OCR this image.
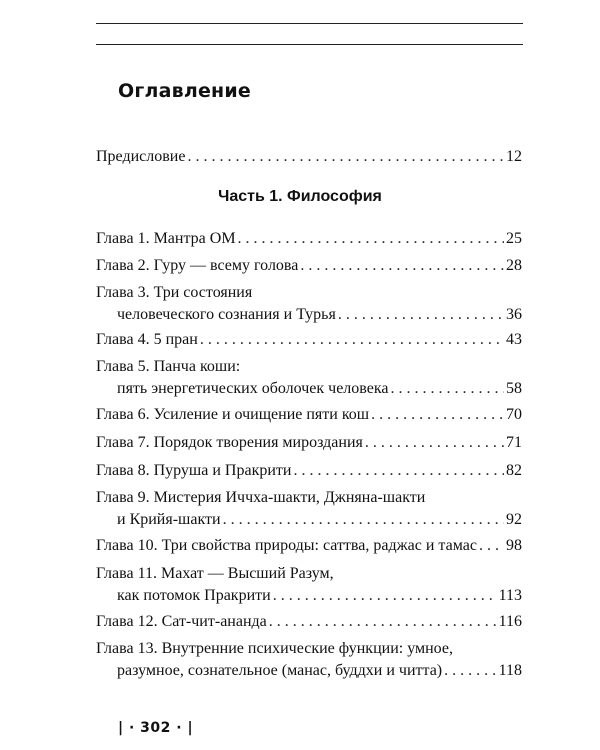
Оглавление
Предисловие . . .	12
Часть 1. Философия
Глава 1. Мантра ОМ . . .	25
Глава 2. Гуру — всему голова . . .	28
Глава 3. Три состояния
человеческого сознания и Турья . . .	36
Глава 4. 5 пран . . .	43
Глава 5. Панча коши:
пять энергетических оболочек человека . . .	58
Глава 6. Усиление и очищение пяти кош . . .	70
Глава 7. Порядок творения мироздания . . .	71
Глава 8. Пуруша и Пракрити . . .	82
Глава 9. Мистерия Иччха-шакти, Джняна-шакти
и Крийя-шакти . . .	92
Глава 10. Три свойства природы: саттва, раджас и тамас . . . 98
Глава 11. Махат — Высший Разум,
как потомок Пракрити . . .	113
Глава 12. Сат-чит-ананда . . .	116
Глава 13. Внутренние психические функции: умное,
разумное, сознательное (манас, буддхи и читта) . . .	118
| · 302 · |
